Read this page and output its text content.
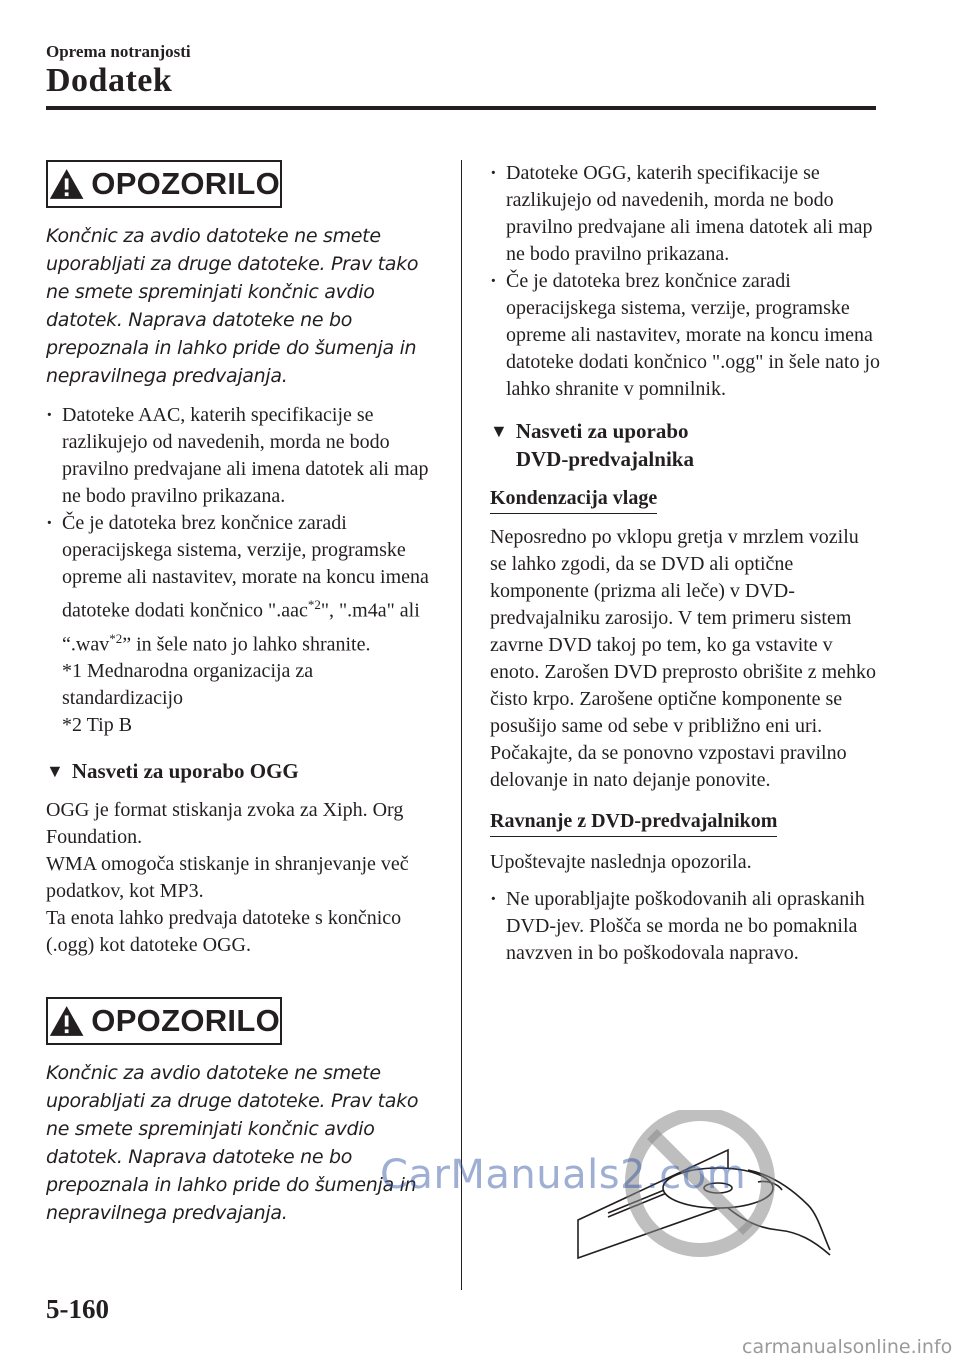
Oprema notranjosti
Dodatek
OPOZORILO

Končnic za avdio datoteke ne smete uporabljati za druge datoteke. Prav tako ne smete spreminjati končnic avdio datotek. Naprava datoteke ne bo prepoznala in lahko pride do šumenja in nepravilnega predvajanja.

· Datoteke AAC, katerih specifikacije se razlikujejo od navedenih, morda ne bodo pravilno predvajane ali imena datotek ali map ne bodo pravilno prikazana.
· Če je datoteka brez končnice zaradi operacijskega sistema, verzije, programske opreme ali nastavitev, morate na koncu imena datoteke dodati končnico ".aac$^{*2}$", ".m4a" ali “.wav$^{*2}$” in šele nato jo lahko shranite.
*1 Mednarodna organizacija za standardizacijo
*2 Tip B
▼ Nasveti za uporabo OGG

OGG je format stiskanja zvoka za Xiph. Org Foundation.

WMA omogoča stiskanje in shranjevanje več podatkov, kot MP3.

Ta enota lahko predvaja datoteke s končnico (.ogg) kot datoteke OGG.

OPOZORILO

Končnic za avdio datoteke ne smete uporabljati za druge datoteke. Prav tako ne smete spreminjati končnic avdio datotek. Naprava datoteke ne bo prepoznala in lahko pride do šumenja in nepravilnega predvajanja.

· Datoteke OGG, katerih specifikacije se razlikujejo od navedenih, morda ne bodo pravilno predvajane ali imena datotek ali map ne bodo pravilno prikazana.
· Če je datoteka brez končnice zaradi operacijskega sistema, verzije, programske opreme ali nastavitev, morate na koncu imena datoteke dodati končnico ".ogg" in šele nato jo lahko shranite v pomnilnik.
▼ Nasveti za uporabo
DVD-predvajalnika
Kondenzacija vlage

Neposredno po vklopu gretja v mrzlem vozilu se lahko zgodi, da se DVD ali optične komponente (prizma ali leče) v DVD-predvajalniku zarosijo. V tem primeru sistem zavrne DVD takoj po tem, ko ga vstavite v enoto. Zarošen DVD preprosto obrišite z mehko čisto krpo. Zarošene optične komponente se posušijo same od sebe v približno eni uri. Počakajte, da se ponovno vzpostavi pravilno delovanje in nato dejanje ponovite.

Ravnanje z DVD-predvajalnikom

Upoštevajte naslednja opozorila.

· Ne uporabljajte poškodovanih ali opraskanih DVD-jev. Plošča se morda ne bo pomaknila navzven in bo poškodovala napravo.
5-160
CarManuals2.com
carmanualsonline.info
